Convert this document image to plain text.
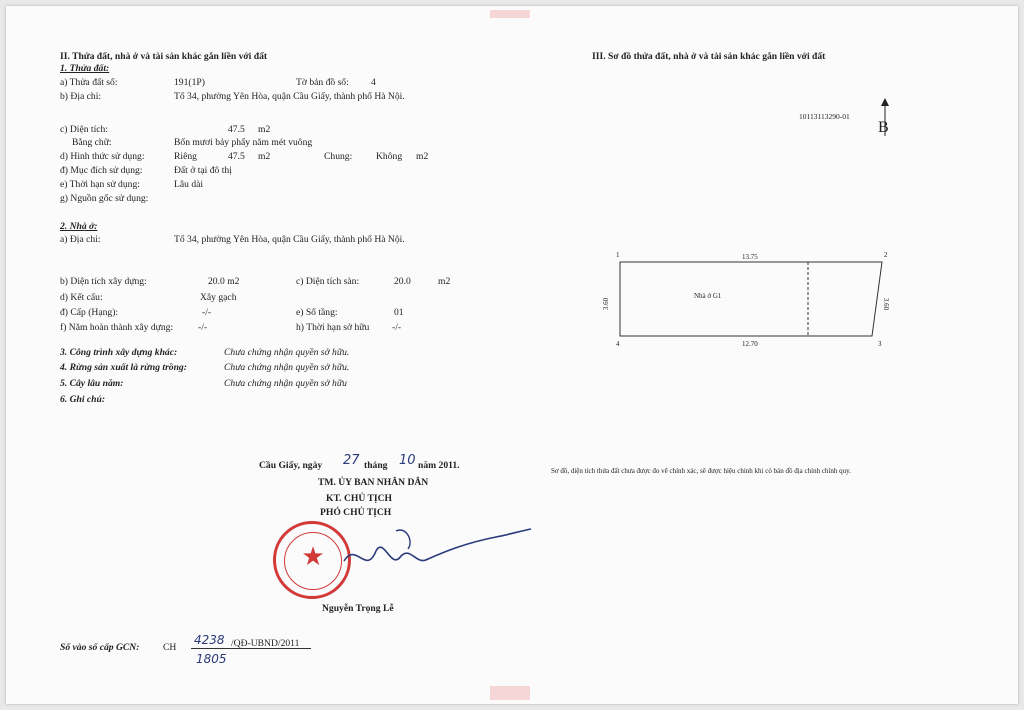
II. Thửa đất, nhà ở và tài sản khác gắn liền với đất
1. Thửa đất:
a) Thửa đất số:	191(1P)	Tờ bản đồ số: 4
b) Địa chỉ:	Tổ 34, phường Yên Hòa, quận Cầu Giấy, thành phố Hà Nội.
c) Diện tích:	47.5 m2
Bằng chữ:	Bốn mươi bảy phẩy năm mét vuông
d) Hình thức sử dụng:	Riêng	47.5 m2	Chung: Không m2
đ) Mục đích sử dụng:	Đất ở tại đô thị
e) Thời hạn sử dụng:	Lâu dài
g) Nguồn gốc sử dụng:
2. Nhà ở:
a) Địa chỉ:	Tổ 34, phường Yên Hòa, quận Cầu Giấy, thành phố Hà Nội.
b) Diện tích xây dựng:	20.0 m2	c) Diện tích sàn:	20.0	m2
d) Kết cấu:	Xây gạch
đ) Cấp (Hạng):	-/-	e) Số tầng:	01
f) Năm hoàn thành xây dựng:	-/-	h) Thời hạn sở hữu -/-
3. Công trình xây dựng khác:	Chưa chứng nhận quyền sở hữu.
4. Rừng sản xuất là rừng trồng:	Chưa chứng nhận quyền sở hữu.
5. Cây lâu năm:	Chưa chứng nhận quyền sở hữu
6. Ghi chú:
Cầu Giấy, ngày 27 tháng 10 năm 2011.
TM. ỦY BAN NHÂN DÂN
KT. CHỦ TỊCH
PHÓ CHỦ TỊCH
★
Nguyễn Trọng Lễ
Số vào sổ cấp GCN: CH
4238 /QĐ-UBND/2011
1805
III. Sơ đồ thửa đất, nhà ở và tài sản khác gắn liền với đất
10113113290-01
B
1	2
3
4
13.75
12.70
3.60	3.60
Nhà ở G1
Sơ đồ, diện tích thửa đất chưa được đo vẽ chính xác, sẽ được hiệu chỉnh khi có bản đồ địa chính chính quy.
